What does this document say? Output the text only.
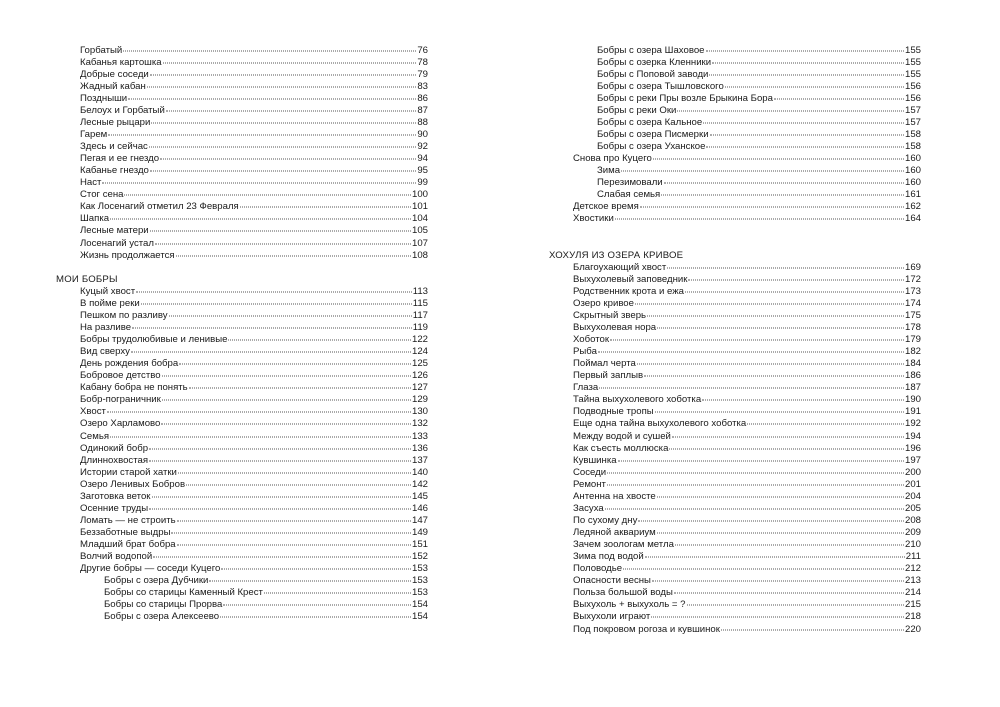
Горбатый	76
Кабанья картошка	78
Добрые соседи	79
Жадный кабан	83
Поздныши	86
Белоух и Горбатый	87
Лесные рыцари	88
Гарем	90
Здесь и сейчас	92
Пегая и ее гнездо	94
Кабанье гнездо	95
Наст	99
Стог сена	100
Как Лосенагий отметил 23 Февраля	101
Шапка	104
Лесные матери	105
Лосенагий устал	107
Жизнь продолжается	108
МОИ БОБРЫ
Куцый хвост	113
В пойме реки	115
Пешком по разливу	117
На разливе	119
Бобры трудолюбивые и ленивые	122
Вид сверху	124
День рождения бобра	125
Бобровое детство	126
Кабану бобра не понять	127
Бобр-пограничник	129
Хвост	130
Озеро Харламово	132
Семья	133
Одинокий бобр	136
Длиннохвостая	137
Истории старой хатки	140
Озеро Ленивых Бобров	142
Заготовка веток	145
Осенние труды	146
Ломать — не строить	147
Беззаботные выдры	149
Младший брат бобра	151
Волчий водопой	152
Другие бобры — соседи Куцего	153
Бобры с озера Дубчики	153
Бобры со старицы Каменный Крест	153
Бобры со старицы Прорва	154
Бобры с озера Алексеево	154
Бобры с озера Шаховое	155
Бобры с озерка Кленники	155
Бобры с Поповой заводи	155
Бобры с озера Тышловского	156
Бобры с реки Пры возле Брыкина Бора	156
Бобры с реки Оки	157
Бобры с озера Кальное	157
Бобры с озера Писмерки	158
Бобры с озера Уханское	158
Снова про Куцего	160
Зима	160
Перезимовали	160
Слабая семья	161
Детское время	162
Хвостики	164
ХОХУЛЯ ИЗ ОЗЕРА КРИВОЕ
Благоухающий хвост	169
Выхухолевый заповедник	172
Родственник крота и ежа	173
Озеро кривое	174
Скрытный зверь	175
Выхухолевая нора	178
Хоботок	179
Рыба	182
Поймал черта	184
Первый заплыв	186
Глаза	187
Тайна выхухолевого хоботка	190
Подводные тропы	191
Еще одна тайна выхухолевого хоботка	192
Между водой и сушей	194
Как съесть моллюска	196
Кувшинка	197
Соседи	200
Ремонт	201
Антенна на хвосте	204
Засуха	205
По сухому дну	208
Ледяной аквариум	209
Зачем зоологам метла	210
Зима под водой	211
Половодье	212
Опасности весны	213
Польза большой воды	214
Выхухоль + выхухоль = ?	215
Выхухоли играют	218
Под покровом рогоза и кувшинок	220
